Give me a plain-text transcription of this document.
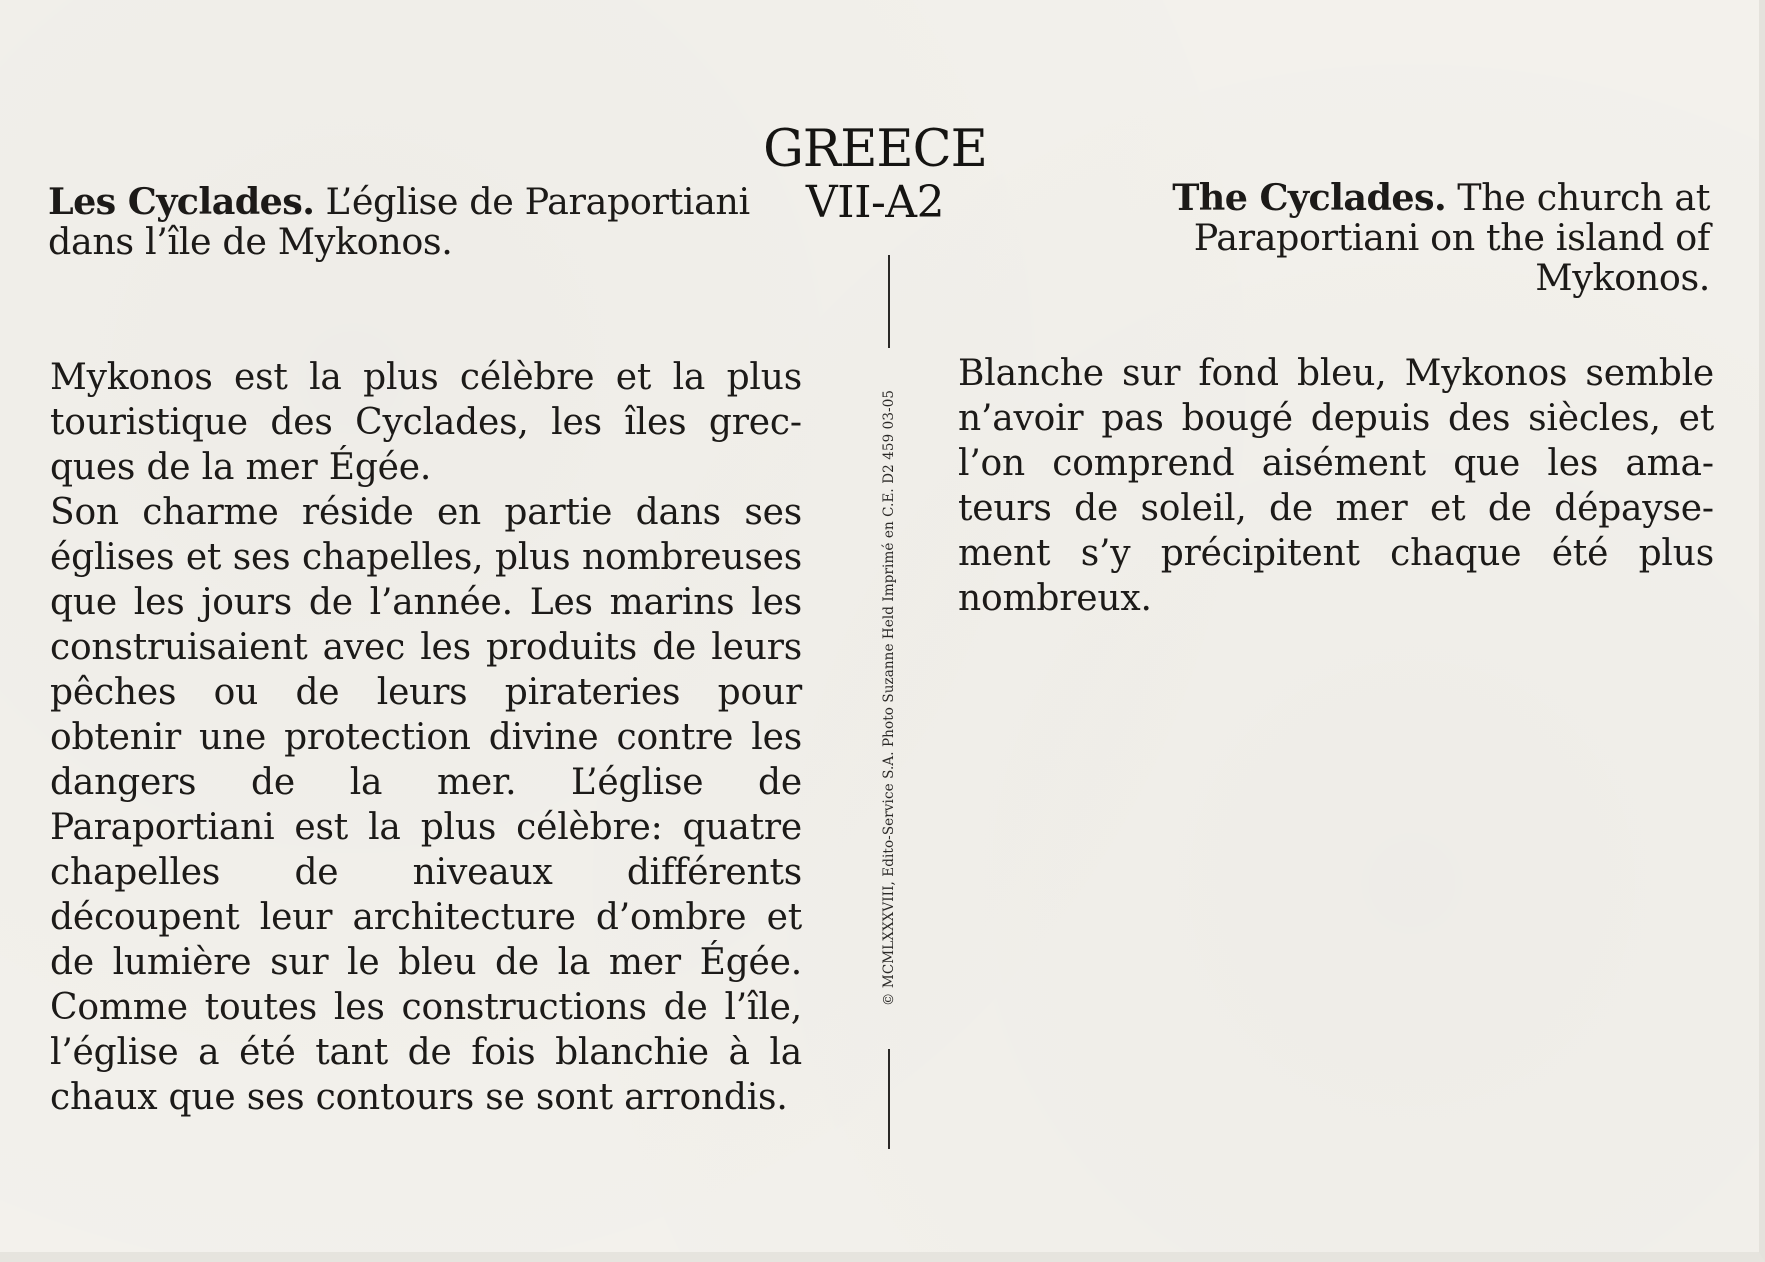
GREECE
VII-A2
Les Cyclades. L’église de Paraportiani dans l’île de Mykonos.
The Cyclades. The church at Paraportiani on the island of Mykonos.
Mykonos est la plus célèbre et la plus touristique des Cyclades, les îles grecques de la mer Égée.
Son charme réside en partie dans ses églises et ses chapelles, plus nombreuses que les jours de l’année. Les marins les construisaient avec les produits de leurs pêches ou de leurs pirateries pour obtenir une protection divine contre les dangers de la mer. L’église de Paraportiani est la plus célèbre: quatre chapelles de niveaux différents découpent leur architecture d’ombre et de lumière sur le bleu de la mer Égée. Comme toutes les constructions de l’île, l’église a été tant de fois blanchie à la chaux que ses contours se sont arrondis.
Blanche sur fond bleu, Mykonos semble n’avoir pas bougé depuis des siècles, et l’on comprend aisément que les amateurs de soleil, de mer et de dépaysement s’y précipitent chaque été plus nombreux.
© MCMLXXXVIII, Edito-Service S.A. Photo Suzanne Held Imprimé en C.E. D2 459 03-05
